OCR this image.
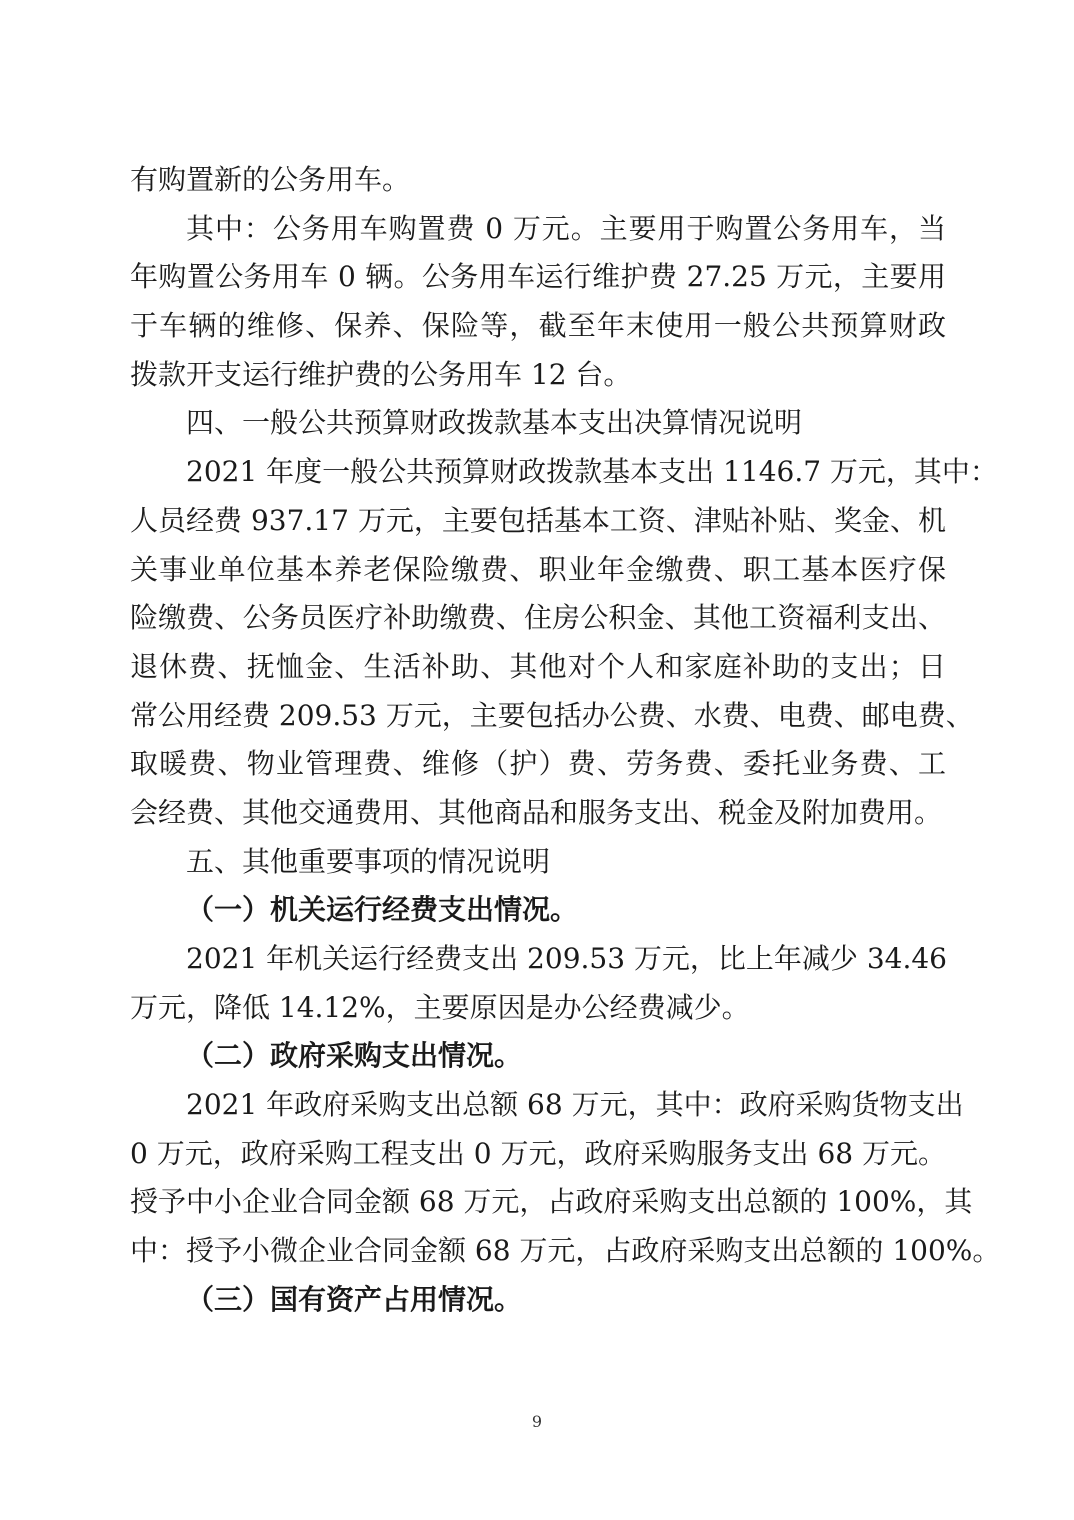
有购置新的公务用车。
其中：公务用车购置费 0 万元。主要用于购置公务用车，当
年购置公务用车 0 辆。公务用车运行维护费 27.25 万元，主要用
于车辆的维修、保养、保险等，截至年末使用一般公共预算财政
拨款开支运行维护费的公务用车 12 台。
四、一般公共预算财政拨款基本支出决算情况说明
2021 年度一般公共预算财政拨款基本支出 1146.7 万元，其中：
人员经费 937.17 万元，主要包括基本工资、津贴补贴、奖金、机
关事业单位基本养老保险缴费、职业年金缴费、职工基本医疗保
险缴费、公务员医疗补助缴费、住房公积金、其他工资福利支出、
退休费、抚恤金、生活补助、其他对个人和家庭补助的支出；日
常公用经费 209.53 万元，主要包括办公费、水费、电费、邮电费、
取暖费、物业管理费、维修（护）费、劳务费、委托业务费、工
会经费、其他交通费用、其他商品和服务支出、税金及附加费用。
五、其他重要事项的情况说明
（一）机关运行经费支出情况。
2021 年机关运行经费支出 209.53 万元，比上年减少 34.46
万元，降低 14.12%，主要原因是办公经费减少。
（二）政府采购支出情况。
2021 年政府采购支出总额 68 万元，其中：政府采购货物支出
0 万元，政府采购工程支出 0 万元，政府采购服务支出 68 万元。
授予中小企业合同金额 68 万元，占政府采购支出总额的 100%，其
中：授予小微企业合同金额 68 万元，占政府采购支出总额的 100%。
（三）国有资产占用情况。
9
